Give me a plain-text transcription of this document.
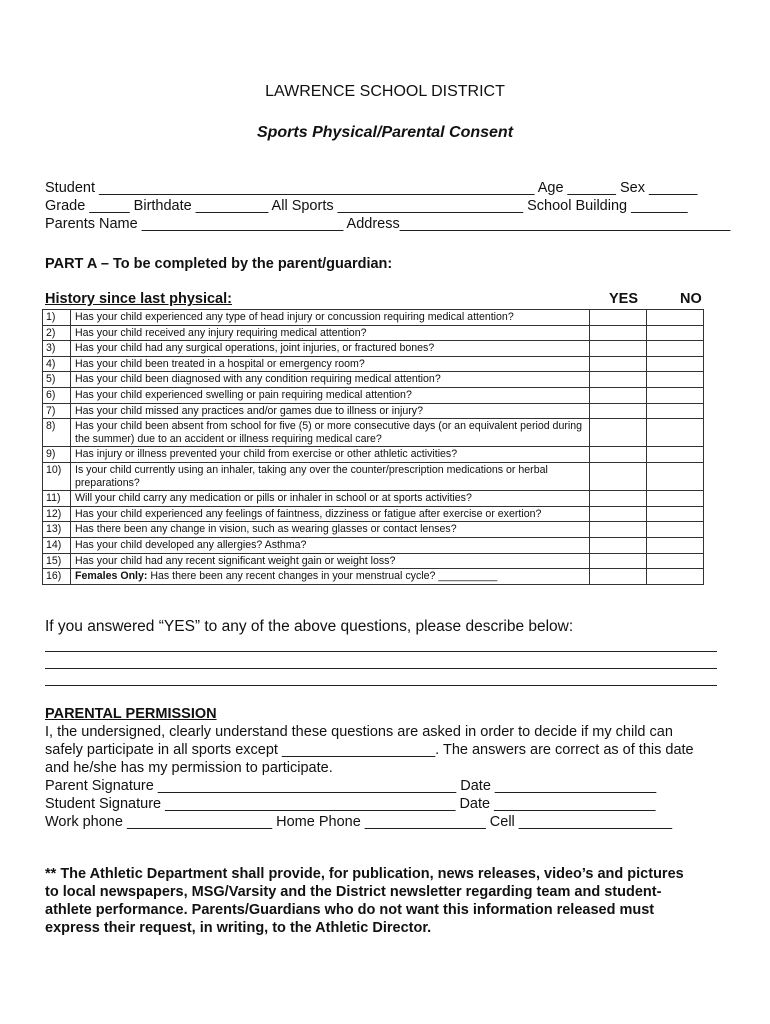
LAWRENCE SCHOOL DISTRICT
Sports Physical/Parental Consent
Student ______________________________________________________ Age ______ Sex ______
Grade _____ Birthdate _________ All Sports _______________________ School Building _______
Parents Name _________________________ Address_________________________________________
PART A – To be completed by the parent/guardian:
History since last physical:	YES	NO
1)	Has your child experienced any type of head injury or concussion requiring medical attention?		
2)	Has your child received any injury requiring medical attention?		
3)	Has your child had any surgical operations, joint injuries, or fractured bones?		
4)	Has your child been treated in a hospital or emergency room?		
5)	Has your child been diagnosed with any condition requiring medical attention?		
6)	Has your child experienced swelling or pain requiring medical attention?		
7)	Has your child missed any practices and/or games due to illness or injury?		
8)	Has your child been absent from school for five (5) or more consecutive days (or an equivalent period during the summer) due to an accident or illness requiring medical care?		
9)	Has injury or illness prevented your child from exercise or other athletic activities?		
10)	Is your child currently using an inhaler, taking any over the counter/prescription medications or herbal preparations?		
11)	Will your child carry any medication or pills or inhaler in school or at sports activities?		
12)	Has your child experienced any feelings of faintness, dizziness or fatigue after exercise or exertion?		
13)	Has there been any change in vision, such as wearing glasses or contact lenses?		
14)	Has your child developed any allergies? Asthma?		
15)	Has your child had any recent significant weight gain or weight loss?		
16)	Females Only: Has there been any recent changes in your menstrual cycle? __________		
If you answered “YES” to any of the above questions, please describe below:
PARENTAL PERMISSION
I, the undersigned, clearly understand these questions are asked in order to decide if my child can
safely participate in all sports except ___________________. The answers are correct as of this date
and he/she has my permission to participate.
Parent Signature _____________________________________ Date ____________________
Student Signature ____________________________________ Date ____________________
Work phone __________________ Home Phone _______________ Cell ___________________
** The Athletic Department shall provide, for publication, news releases, video’s and pictures
to local newspapers, MSG/Varsity and the District newsletter regarding team and student-
athlete performance. Parents/Guardians who do not want this information released must
express their request, in writing, to the Athletic Director.
